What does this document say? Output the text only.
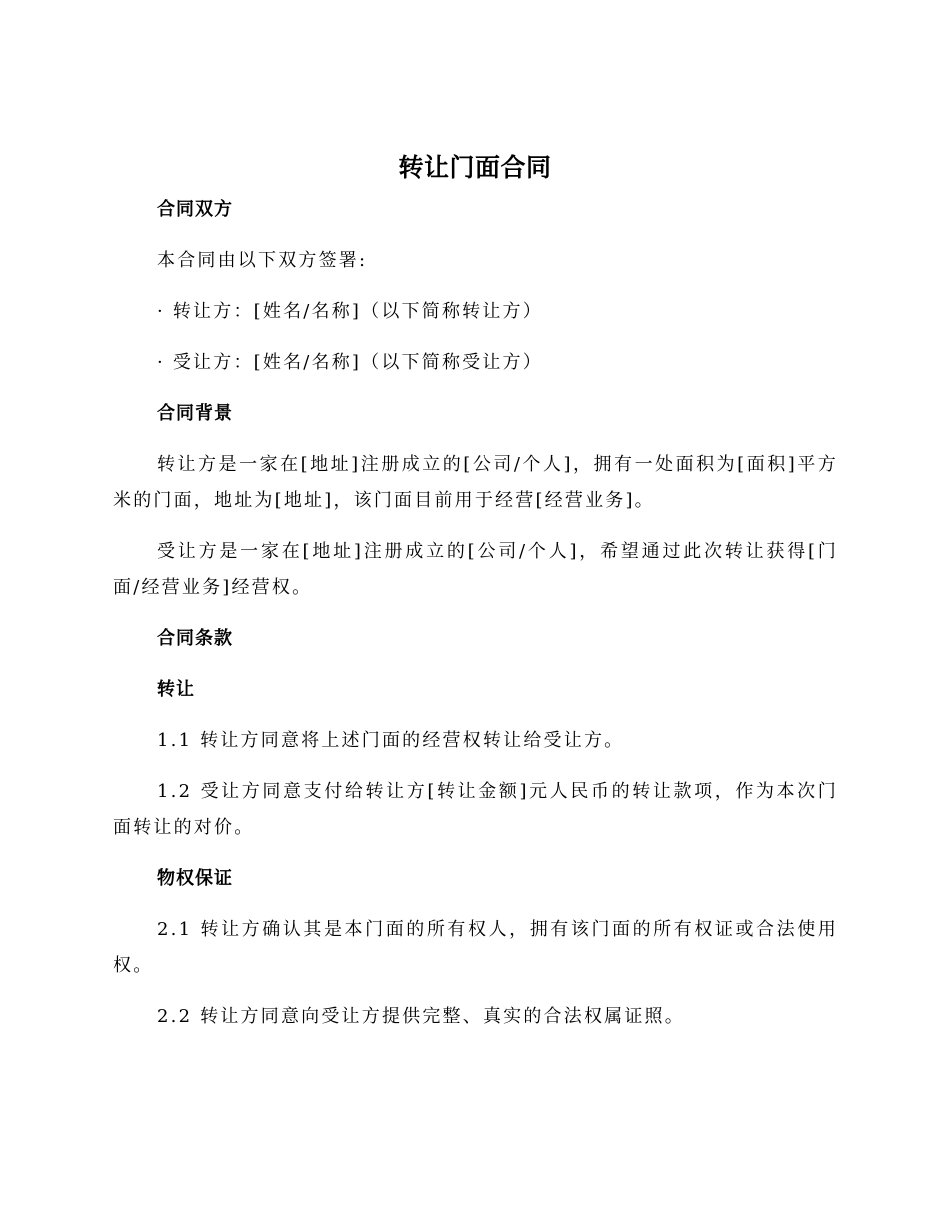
转让门面合同

合同双方

本合同由以下双方签署:

· 转让方：[姓名/名称]（以下简称转让方）

· 受让方：[姓名/名称]（以下简称受让方）

合同背景

转让方是一家在[地址]注册成立的[公司/个人]，拥有一处面积为[面积]平方米的门面，地址为[地址]，该门面目前用于经营[经营业务]。

受让方是一家在[地址]注册成立的[公司/个人]，希望通过此次转让获得[门面/经营业务]经营权。

合同条款

转让

1.1 转让方同意将上述门面的经营权转让给受让方。

1.2 受让方同意支付给转让方[转让金额]元人民币的转让款项，作为本次门面转让的对价。

物权保证

2.1 转让方确认其是本门面的所有权人，拥有该门面的所有权证或合法使用权。

2.2 转让方同意向受让方提供完整、真实的合法权属证照。
